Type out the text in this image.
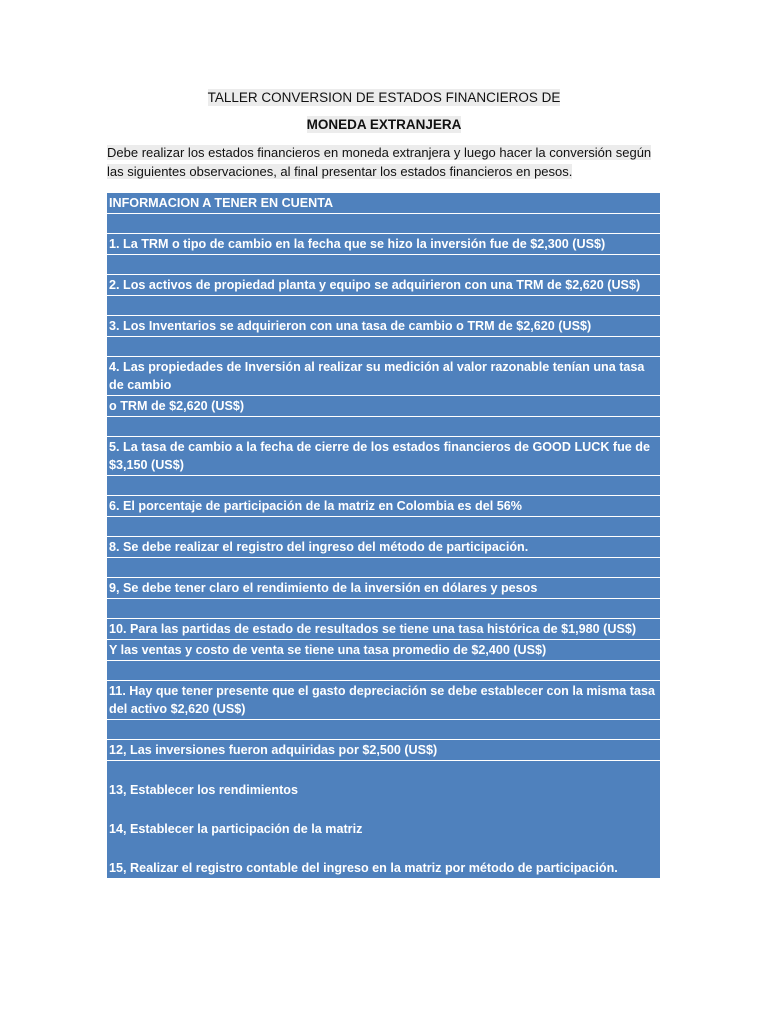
TALLER CONVERSION DE ESTADOS FINANCIEROS DE
MONEDA EXTRANJERA
Debe realizar los estados financieros en moneda extranjera y luego hacer la conversión según
las siguientes observaciones, al final presentar los estados financieros en pesos.
INFORMACION A TENER EN CUENTA

1. La TRM o tipo de cambio en la fecha que se hizo la inversión fue de $2,300 (US$)

2. Los activos de propiedad planta y equipo se adquirieron con una TRM de $2,620 (US$)

3. Los Inventarios se adquirieron con una tasa de cambio o TRM de $2,620 (US$)

4. Las propiedades de Inversión al realizar su medición al valor razonable tenían una tasa de cambio
o TRM de $2,620 (US$)

5. La tasa de cambio a la fecha de cierre de los estados financieros de GOOD LUCK fue de $3,150 (US$)

6. El porcentaje de participación de la matriz en Colombia es del 56%

8. Se debe realizar el registro del ingreso del método de participación.

9, Se debe tener claro el rendimiento de la inversión en dólares y pesos

10. Para las partidas de estado de resultados se tiene una tasa histórica de $1,980 (US$)
Y las ventas y costo de venta se tiene una tasa promedio de $2,400 (US$)

11. Hay que tener presente que el gasto depreciación se debe establecer con la misma tasa del activo $2,620 (US$)

12, Las inversiones fueron adquiridas por $2,500 (US$)

13, Establecer los rendimientos

14, Establecer la participación de la matriz

15, Realizar el registro contable del ingreso en la matriz por método de participación.
